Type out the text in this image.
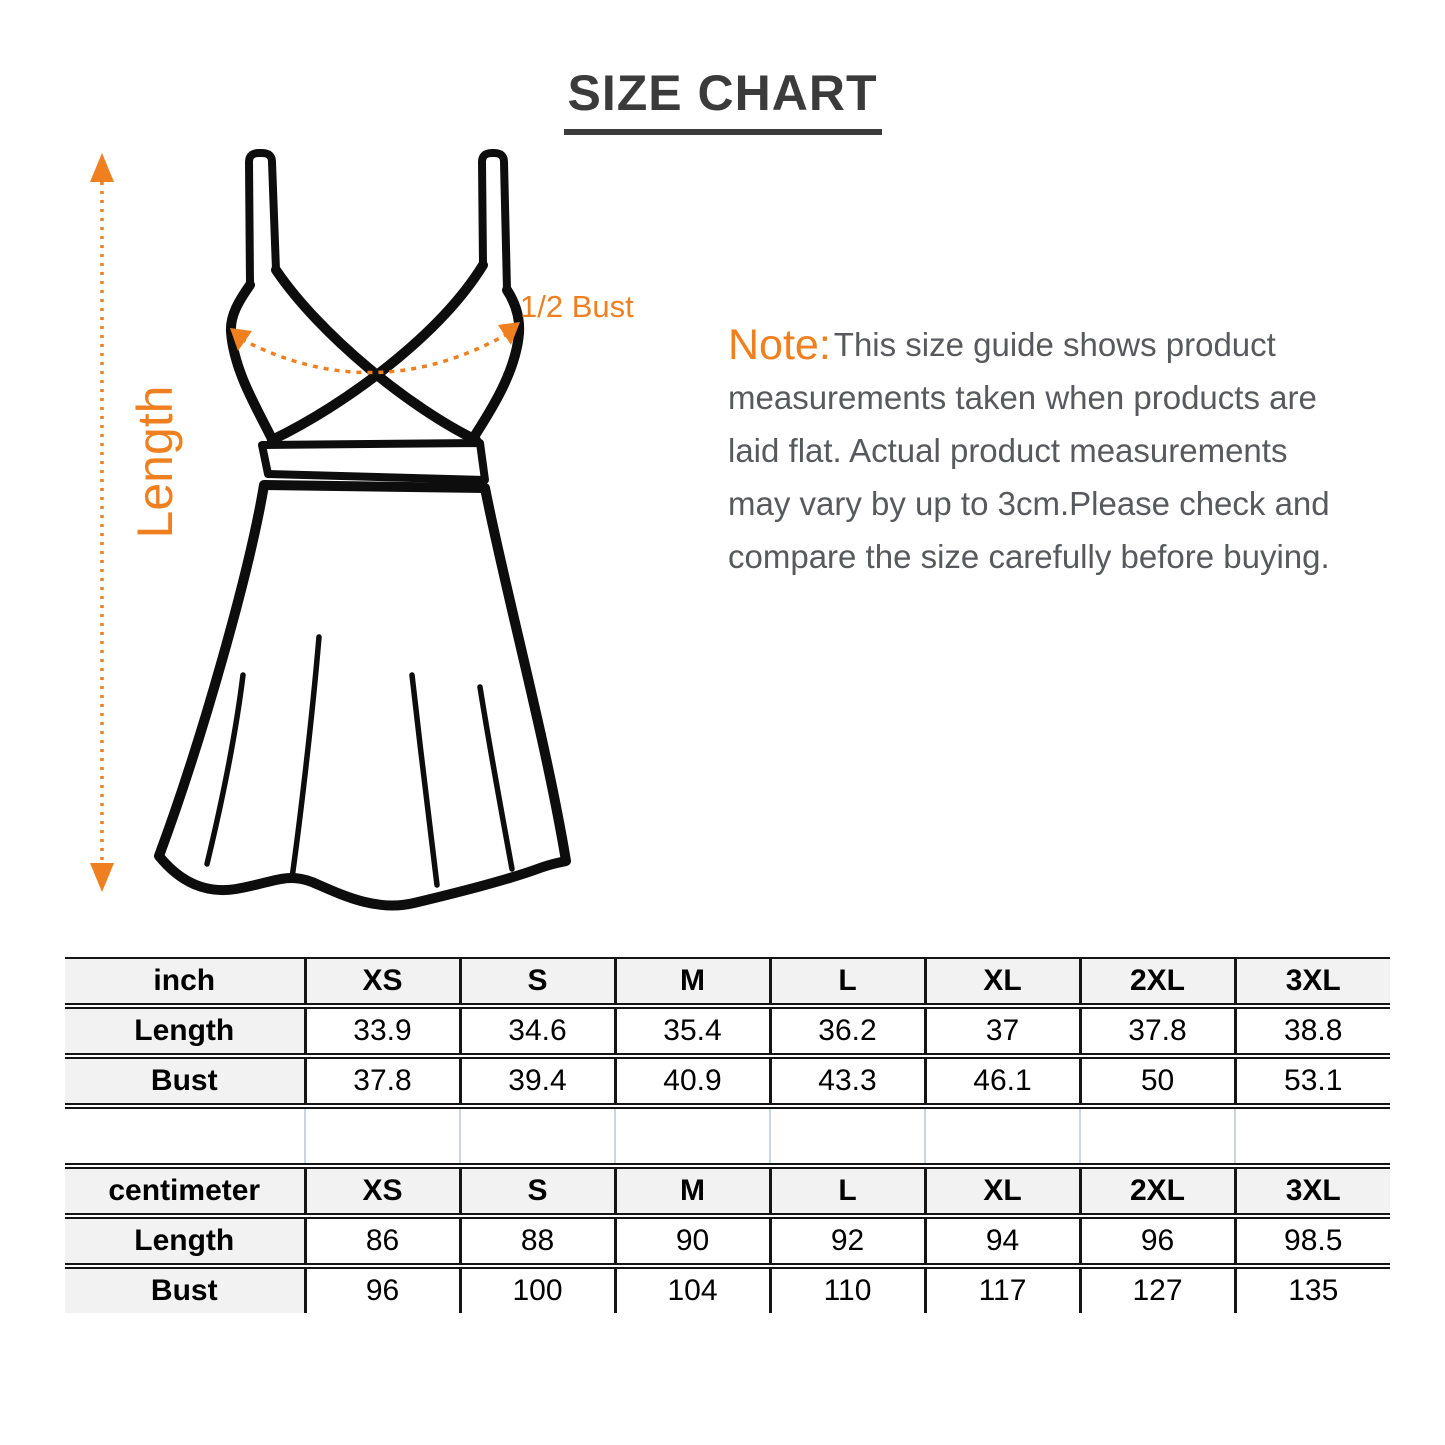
SIZE CHART
Length
1/2 Bust
Note:This size guide shows product
measurements taken when products are
laid flat. Actual product measurements
may vary by up to 3cm.Please check and
compare the size carefully before buying.
inch	XS	S	M	L	XL	2XL	3XL
Length	33.9	34.6	35.4	36.2	37	37.8	38.8
Bust	37.8	39.4	40.9	43.3	46.1	50	53.1
centimeter	XS	S	M	L	XL	2XL	3XL
Length	86	88	90	92	94	96	98.5
Bust	96	100	104	110	117	127	135
